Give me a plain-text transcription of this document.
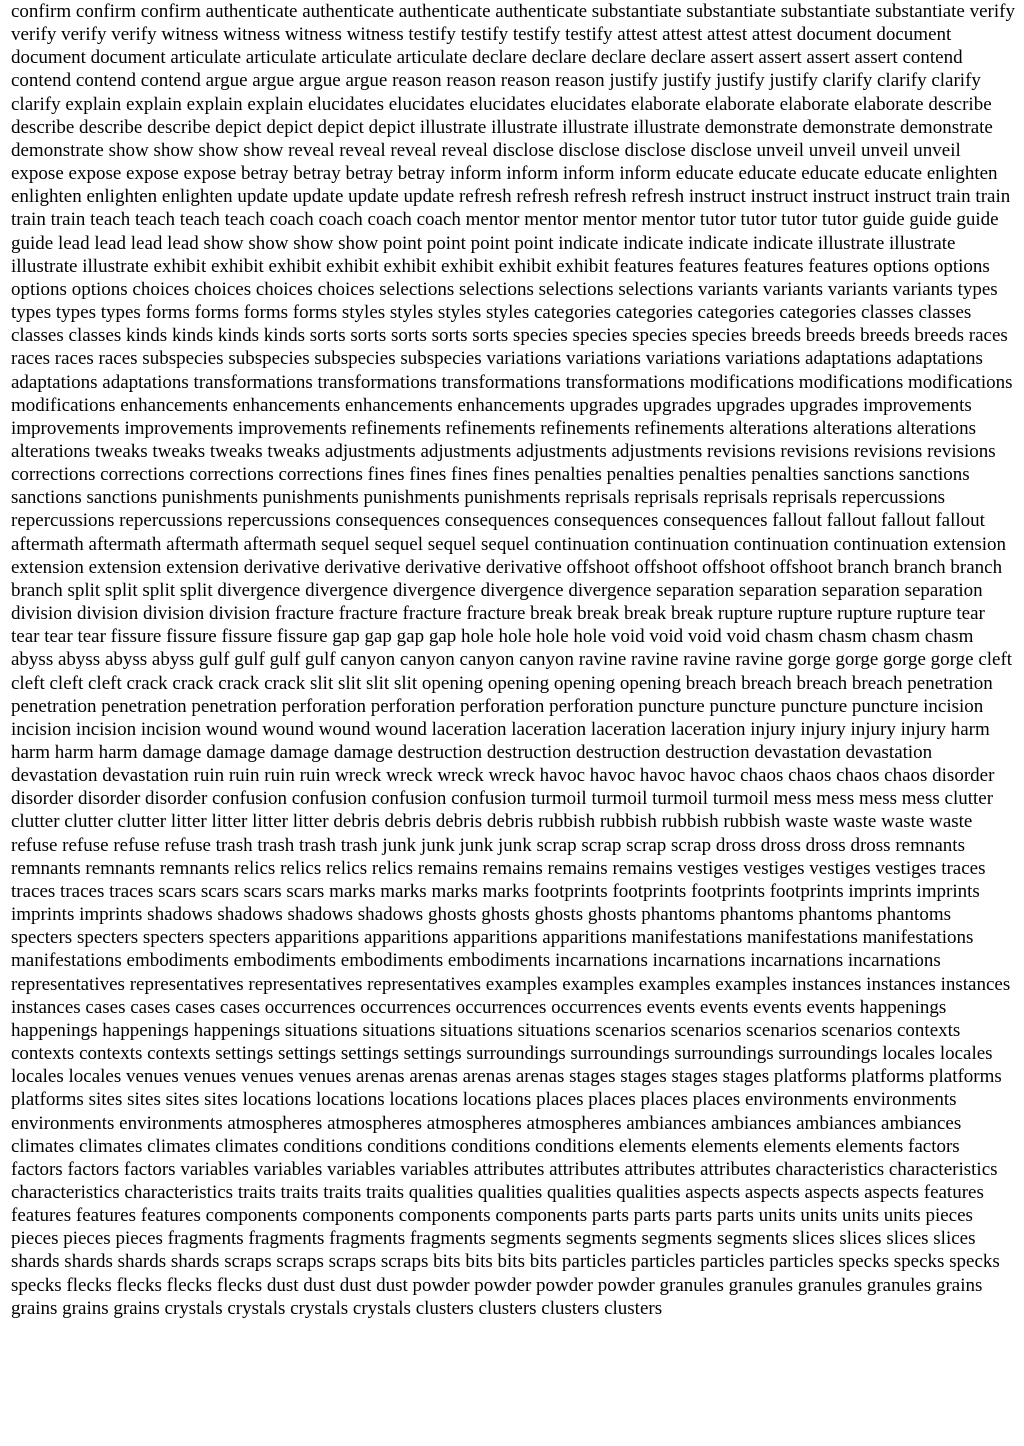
confirm confirm confirm authenticate authenticate authenticate authenticate substantiate substantiate substantiate substantiate verify verify verify verify witness witness witness witness testify testify testify testify attest attest attest attest document document document document articulate articulate articulate articulate declare declare declare declare assert assert assert assert contend contend contend contend argue argue argue argue reason reason reason reason justify justify justify justify clarify clarify clarify clarify explain explain explain explain elucidates elucidates elucidates elucidates elaborate elaborate elaborate elaborate describe describe describe describe depict depict depict depict illustrate illustrate illustrate illustrate demonstrate demonstrate demonstrate demonstrate show show show show reveal reveal reveal reveal disclose disclose disclose disclose unveil unveil unveil unveil expose expose expose expose betray betray betray betray inform inform inform inform educate educate educate educate enlighten enlighten enlighten enlighten update update update update refresh refresh refresh refresh instruct instruct instruct instruct train train train train teach teach teach teach coach coach coach coach mentor mentor mentor mentor tutor tutor tutor tutor guide guide guide guide lead lead lead lead show show show show point point point point indicate indicate indicate indicate illustrate illustrate illustrate illustrate exhibit exhibit exhibit exhibit exhibit exhibit exhibit exhibit features features features features options options options options choices choices choices choices selections selections selections selections variants variants variants variants types types types types forms forms forms forms styles styles styles styles categories categories categories categories classes classes classes classes kinds kinds kinds kinds sorts sorts sorts sorts sorts species species species species breeds breeds breeds breeds races races races races subspecies subspecies subspecies subspecies variations variations variations variations adaptations adaptations adaptations adaptations transformations transformations transformations transformations modifications modifications modifications modifications enhancements enhancements enhancements enhancements upgrades upgrades upgrades upgrades improvements improvements improvements improvements refinements refinements refinements refinements alterations alterations alterations alterations tweaks tweaks tweaks tweaks adjustments adjustments adjustments adjustments revisions revisions revisions revisions corrections corrections corrections corrections fines fines fines fines penalties penalties penalties penalties sanctions sanctions sanctions sanctions punishments punishments punishments punishments reprisals reprisals reprisals reprisals repercussions repercussions repercussions repercussions consequences consequences consequences consequences fallout fallout fallout fallout aftermath aftermath aftermath aftermath sequel sequel sequel sequel continuation continuation continuation continuation extension extension extension extension derivative derivative derivative derivative offshoot offshoot offshoot offshoot branch branch branch branch split split split split divergence divergence divergence divergence divergence separation separation separation separation division division division division fracture fracture fracture fracture break break break break rupture rupture rupture rupture tear tear tear tear fissure fissure fissure fissure gap gap gap gap hole hole hole hole void void void void chasm chasm chasm chasm abyss abyss abyss abyss gulf gulf gulf gulf canyon canyon canyon canyon ravine ravine ravine ravine gorge gorge gorge gorge cleft cleft cleft cleft crack crack crack crack slit slit slit slit opening opening opening opening breach breach breach breach penetration penetration penetration penetration perforation perforation perforation perforation puncture puncture puncture puncture incision incision incision incision wound wound wound wound laceration laceration laceration laceration injury injury injury injury harm harm harm harm damage damage damage damage destruction destruction destruction destruction devastation devastation devastation devastation ruin ruin ruin ruin wreck wreck wreck wreck havoc havoc havoc havoc chaos chaos chaos chaos disorder disorder disorder disorder confusion confusion confusion confusion turmoil turmoil turmoil turmoil mess mess mess mess clutter clutter clutter clutter litter litter litter litter debris debris debris debris rubbish rubbish rubbish rubbish waste waste waste waste refuse refuse refuse refuse trash trash trash trash junk junk junk junk scrap scrap scrap scrap dross dross dross dross remnants remnants remnants remnants relics relics relics relics remains remains remains remains vestiges vestiges vestiges vestiges traces traces traces traces scars scars scars scars marks marks marks marks footprints footprints footprints footprints imprints imprints imprints imprints shadows shadows shadows shadows ghosts ghosts ghosts ghosts phantoms phantoms phantoms phantoms specters specters specters specters apparitions apparitions apparitions apparitions manifestations manifestations manifestations manifestations embodiments embodiments embodiments embodiments incarnations incarnations incarnations incarnations representatives representatives representatives representatives examples examples examples examples instances instances instances instances cases cases cases cases occurrences occurrences occurrences occurrences events events events events happenings happenings happenings happenings situations situations situations situations scenarios scenarios scenarios scenarios contexts contexts contexts contexts settings settings settings settings surroundings surroundings surroundings surroundings locales locales locales locales venues venues venues venues arenas arenas arenas arenas stages stages stages stages platforms platforms platforms platforms sites sites sites sites locations locations locations locations places places places places environments environments environments environments atmospheres atmospheres atmospheres atmospheres ambiances ambiances ambiances ambiances climates climates climates climates conditions conditions conditions conditions elements elements elements elements factors factors factors factors variables variables variables variables attributes attributes attributes attributes characteristics characteristics characteristics characteristics traits traits traits traits qualities qualities qualities qualities aspects aspects aspects aspects features features features features components components components components parts parts parts parts units units units units pieces pieces pieces pieces fragments fragments fragments fragments segments segments segments segments slices slices slices slices shards shards shards shards scraps scraps scraps scraps bits bits bits bits particles particles particles particles specks specks specks specks flecks flecks flecks flecks dust dust dust dust powder powder powder powder granules granules granules granules grains grains grains grains crystals crystals crystals crystals clusters clusters clusters clusters
